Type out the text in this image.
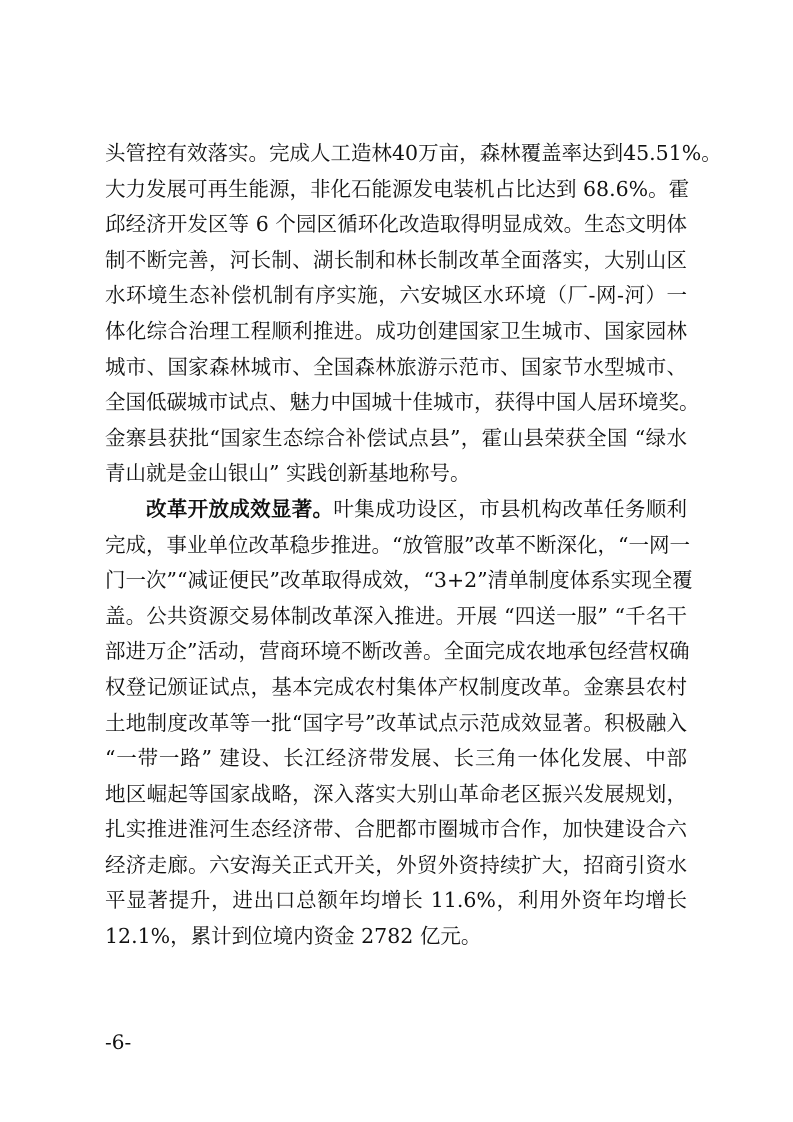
头管控有效落实。完成人工造林40万亩，森林覆盖率达到45.51%。
大力发展可再生能源，非化石能源发电装机占比达到 68.6%。霍
邱经济开发区等 6 个园区循环化改造取得明显成效。生态文明体
制不断完善，河长制、湖长制和林长制改革全面落实，大别山区
水环境生态补偿机制有序实施，六安城区水环境（厂-网-河）一
体化综合治理工程顺利推进。成功创建国家卫生城市、国家园林
城市、国家森林城市、全国森林旅游示范市、国家节水型城市、
全国低碳城市试点、魅力中国城十佳城市，获得中国人居环境奖。
金寨县获批“国家生态综合补偿试点县”，霍山县荣获全国 “绿水
青山就是金山银山” 实践创新基地称号。

改革开放成效显著。叶集成功设区，市县机构改革任务顺利
完成，事业单位改革稳步推进。“放管服”改革不断深化，“一网一
门一次”“减证便民”改革取得成效，“3+2”清单制度体系实现全覆
盖。公共资源交易体制改革深入推进。开展 “四送一服” “千名干
部进万企”活动，营商环境不断改善。全面完成农地承包经营权确
权登记颁证试点，基本完成农村集体产权制度改革。金寨县农村
土地制度改革等一批“国字号”改革试点示范成效显著。积极融入
“一带一路” 建设、长江经济带发展、长三角一体化发展、中部
地区崛起等国家战略，深入落实大别山革命老区振兴发展规划，
扎实推进淮河生态经济带、合肥都市圈城市合作，加快建设合六
经济走廊。六安海关正式开关，外贸外资持续扩大，招商引资水
平显著提升，进出口总额年均增长 11.6%，利用外资年均增长
12.1%，累计到位境内资金 2782 亿元。

-6-
